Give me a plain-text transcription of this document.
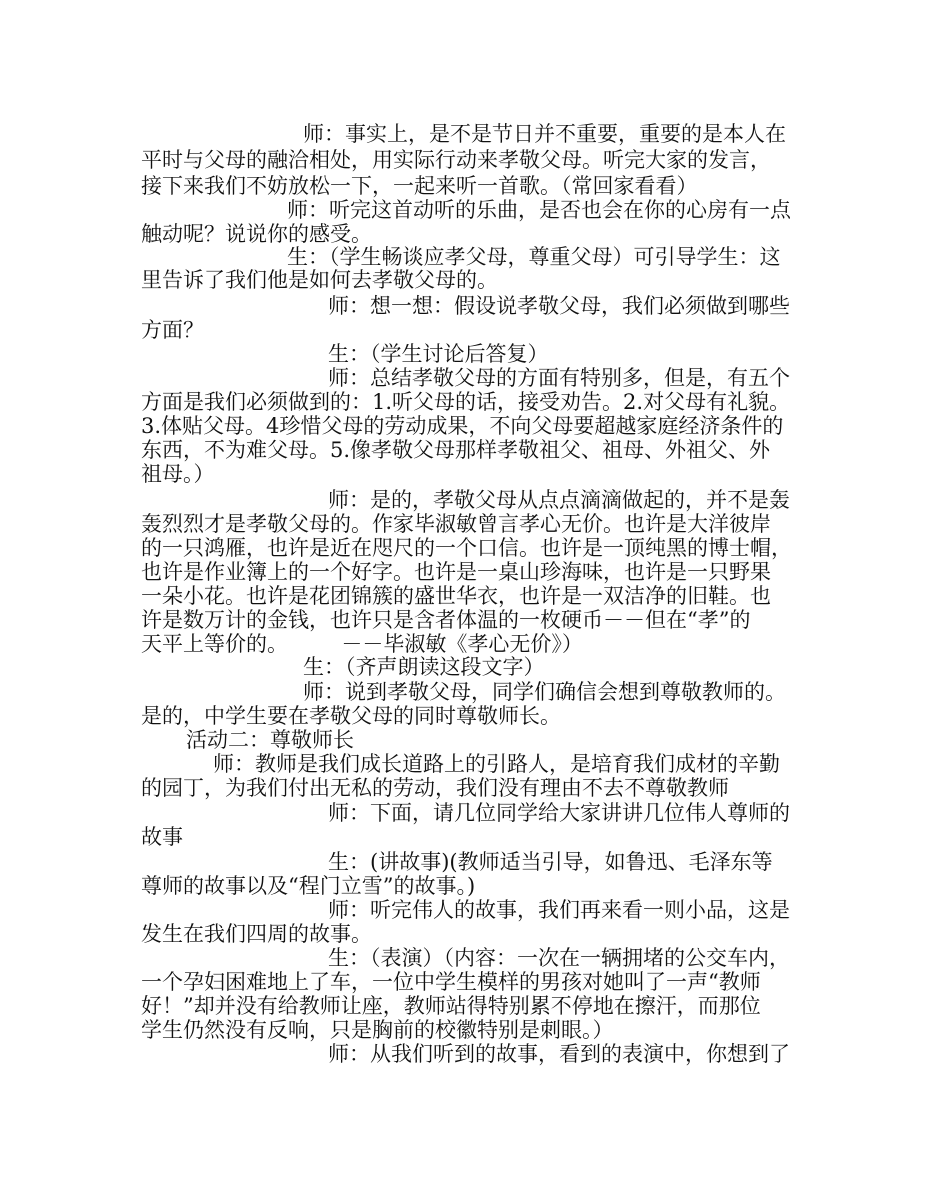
师：事实上，是不是节日并不重要，重要的是本人在
平时与父母的融洽相处，用实际行动来孝敬父母。听完大家的发言，
接下来我们不妨放松一下，一起来听一首歌。（常回家看看）
师：听完这首动听的乐曲，是否也会在你的心房有一点
触动呢？说说你的感受。
生：（学生畅谈应孝父母，尊重父母）可引导学生：这
里告诉了我们他是如何去孝敬父母的。
师：想一想：假设说孝敬父母，我们必须做到哪些
方面？
生：（学生讨论后答复）
师：总结孝敬父母的方面有特别多，但是，有五个
方面是我们必须做到的：1.听父母的话，接受劝告。2.对父母有礼貌。
3.体贴父母。4珍惜父母的劳动成果，不向父母要超越家庭经济条件的
东西，不为难父母。5.像孝敬父母那样孝敬祖父、祖母、外祖父、外
祖母。）
师：是的，孝敬父母从点点滴滴做起的，并不是轰
轰烈烈才是孝敬父母的。作家毕淑敏曾言孝心无价。也许是大洋彼岸
的一只鸿雁，也许是近在咫尺的一个口信。也许是一顶纯黑的博士帽，
也许是作业簿上的一个好字。也许是一桌山珍海味，也许是一只野果
一朵小花。也许是花团锦簇的盛世华衣，也许是一双洁净的旧鞋。也
许是数万计的金钱，也许只是含者体温的一枚硬币－－但在“孝”的
天平上等价的。        －－毕淑敏《孝心无价》）
生：（齐声朗读这段文字）
师：说到孝敬父母，同学们确信会想到尊敬教师的。
是的，中学生要在孝敬父母的同时尊敬师长。
活动二：尊敬师长
师：教师是我们成长道路上的引路人，是培育我们成材的辛勤
的园丁，为我们付出无私的劳动，我们没有理由不去不尊敬教师
师：下面，请几位同学给大家讲讲几位伟人尊师的
故事
生：(讲故事)(教师适当引导，如鲁迅、毛泽东等
尊师的故事以及“程门立雪”的故事。)
师：听完伟人的故事，我们再来看一则小品，这是
发生在我们四周的故事。
生：（表演）（内容：一次在一辆拥堵的公交车内，
一个孕妇困难地上了车，一位中学生模样的男孩对她叫了一声“教师
好！”却并没有给教师让座，教师站得特别累不停地在擦汗，而那位
学生仍然没有反响，只是胸前的校徽特别是刺眼。）
师：从我们听到的故事，看到的表演中，你想到了
